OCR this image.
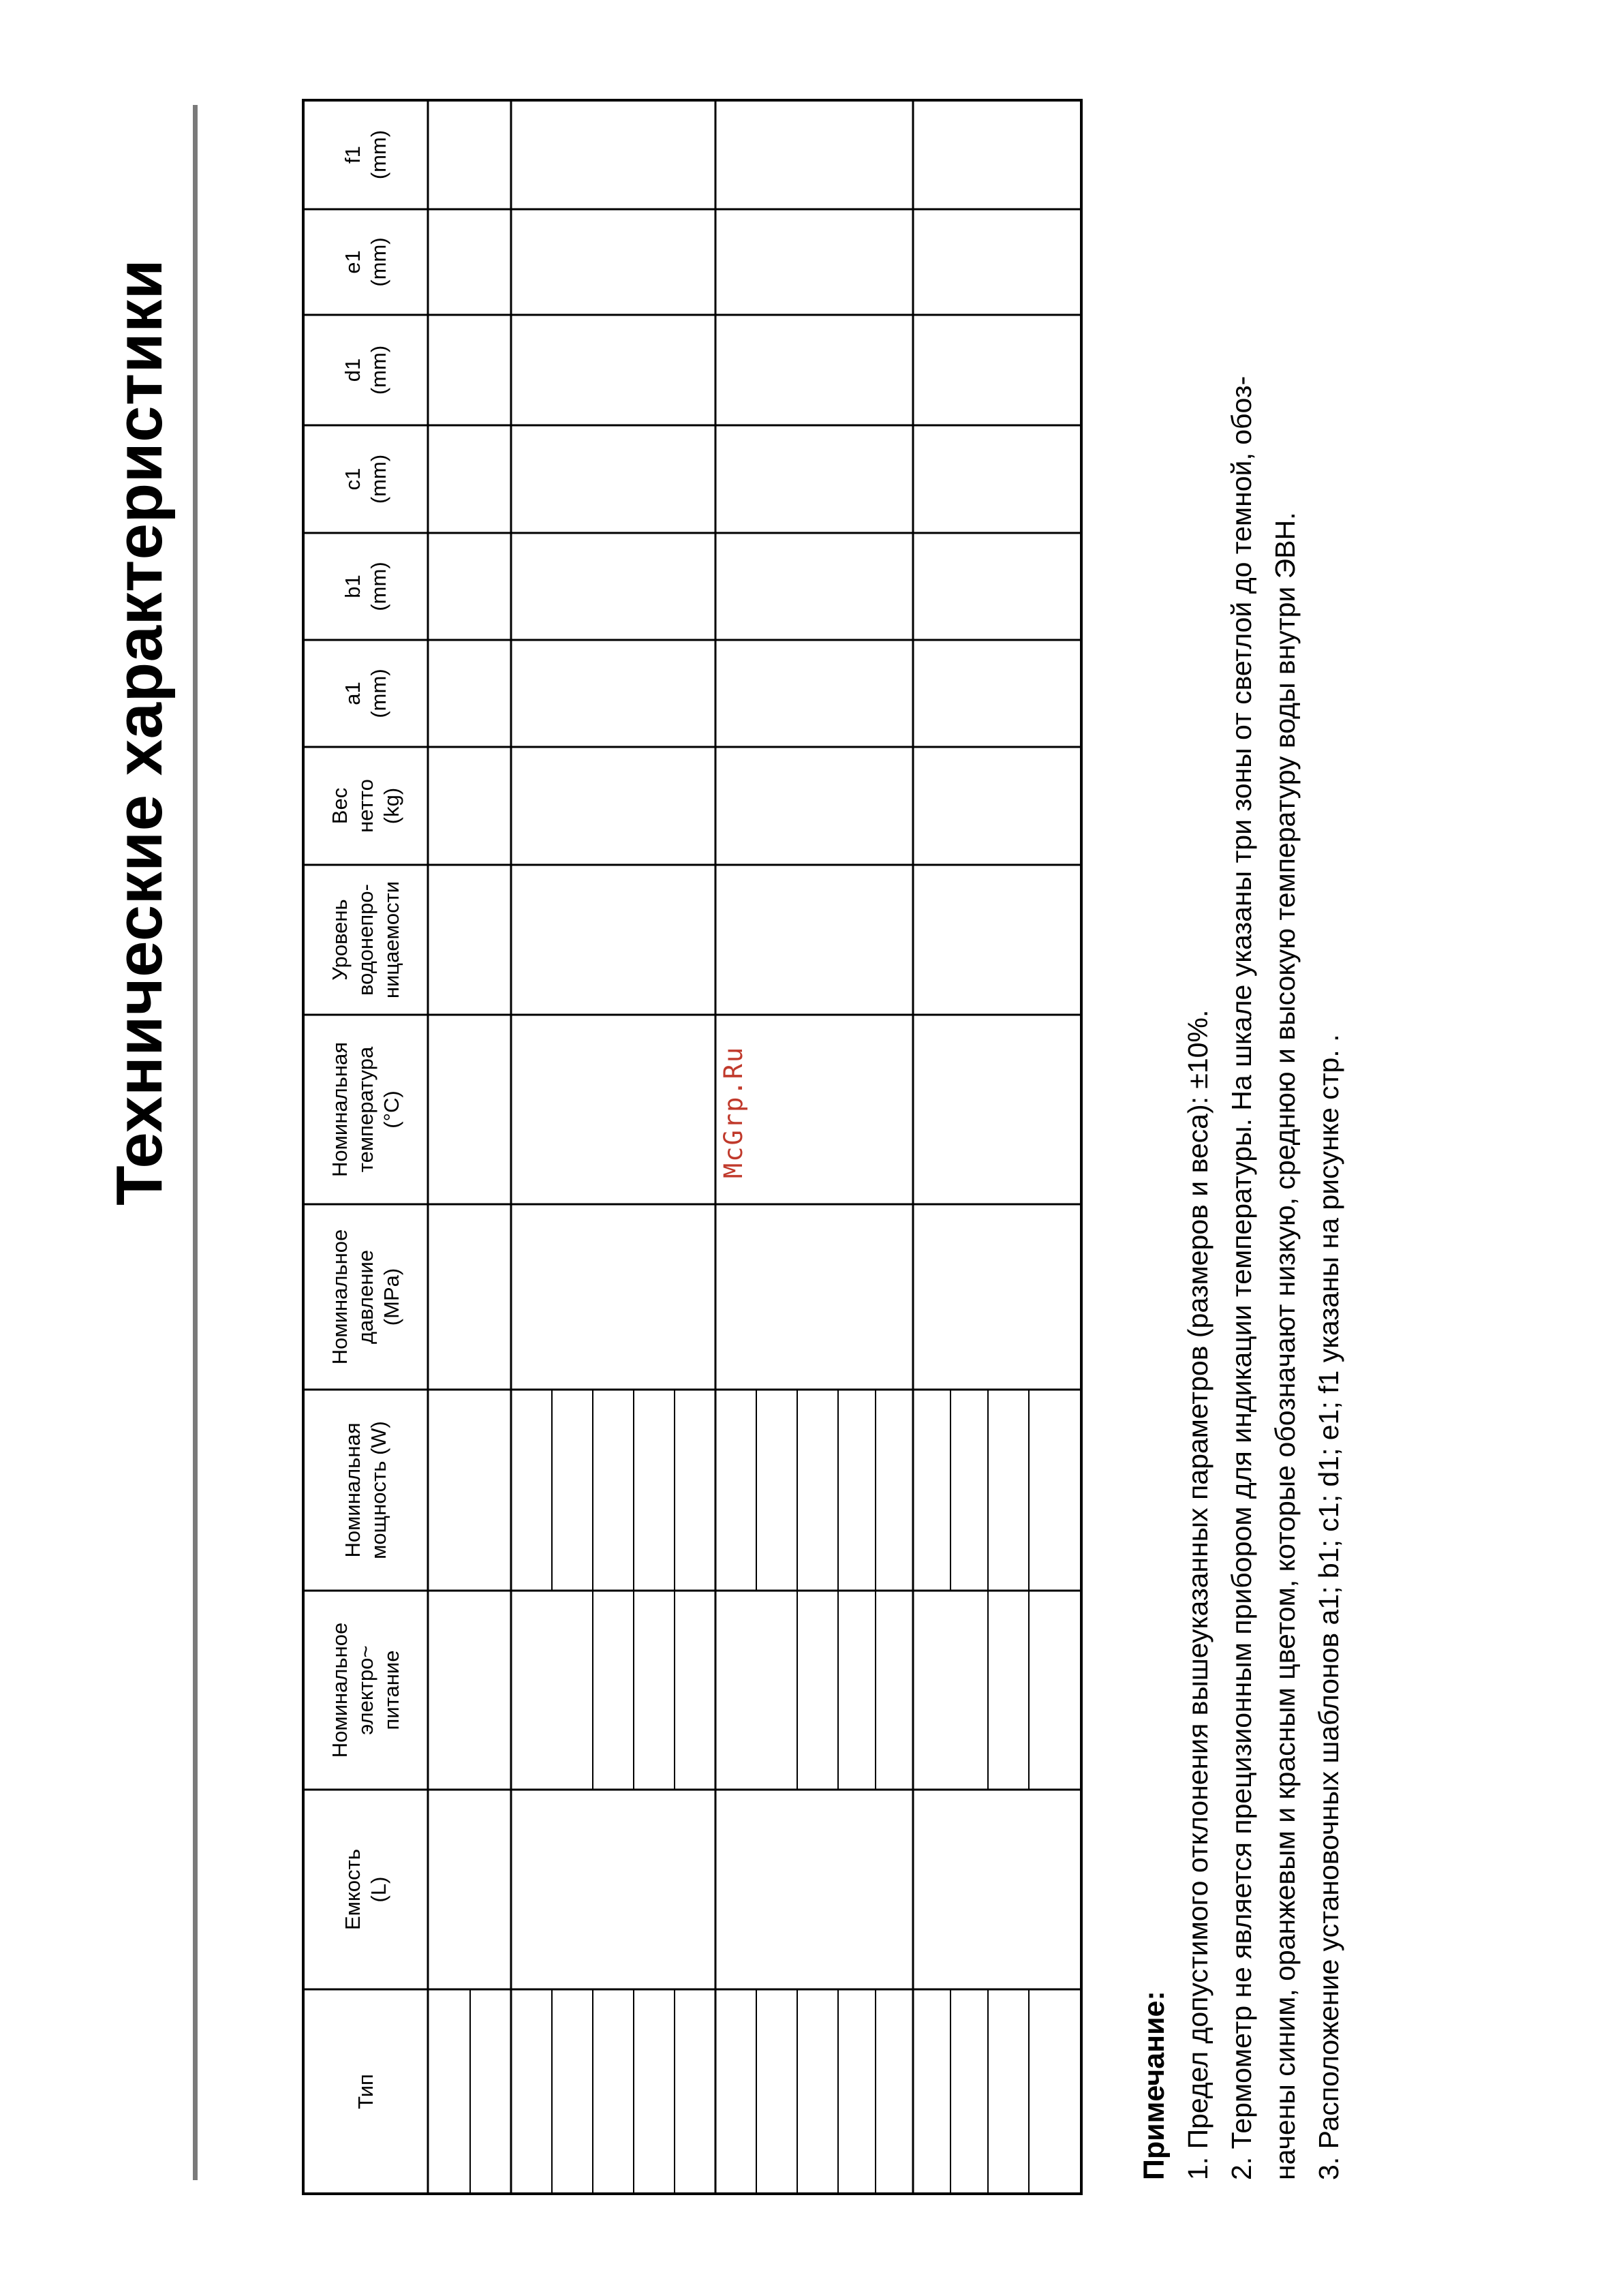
Технические характеристики
Тип
Емкость
(L)
Номинальное
электро~
питание
Номинальная
мощность (W)
Номинальное
давление
(MPa)
Номинальная
температура
(°C)
Уровень
водонепро-
ницаемости
Вес
нетто
(kg)
a1
(mm)
b1
(mm)
c1
(mm)
d1
(mm)
e1
(mm)
f1
(mm)
McGrp.Ru
Примечание: 1. Предел допустимого отклонения вышеуказанных параметров (размеров и веса): ±10%. 2. Термометр не является прецизионным прибором для индикации температуры. На шкале указаны три зоны от светлой до темной, обоз- начены синим, оранжевым и красным цветом, которые обозначают низкую, среднюю и высокую температуру воды внутри ЭВН. 3. Расположение установочных шаблонов a1; b1; c1; d1; e1; f1 указаны на рисунке стр. .
